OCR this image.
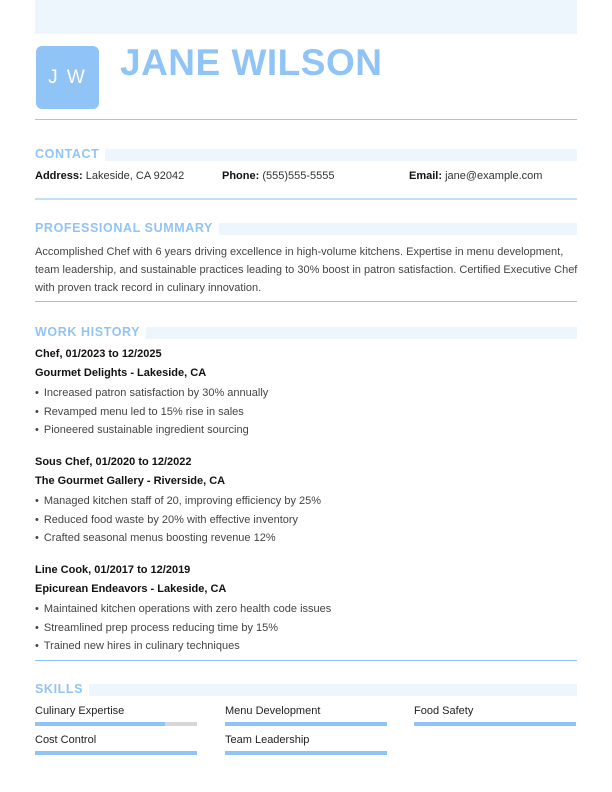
J W JANE WILSON
CONTACT
Address: Lakeside, CA 92042	Phone: (555)555-5555	Email: jane@example.com
PROFESSIONAL SUMMARY
Accomplished Chef with 6 years driving excellence in high-volume kitchens. Expertise in menu development,
team leadership, and sustainable practices leading to 30% boost in patron satisfaction. Certified Executive Chef
with proven track record in culinary innovation.
WORK HISTORY
SKILLS
Chef, 01/2023 to 12/2025
Gourmet Delights - Lakeside, CA
• Increased patron satisfaction by 30% annually
• Revamped menu led to 15% rise in sales
• Pioneered sustainable ingredient sourcing
Sous Chef, 01/2020 to 12/2022
The Gourmet Gallery - Riverside, CA
• Managed kitchen staff of 20, improving efficiency by 25%
• Reduced food waste by 20% with effective inventory
• Crafted seasonal menus boosting revenue 12%
Line Cook, 01/2017 to 12/2019
Epicurean Endeavors - Lakeside, CA
• Maintained kitchen operations with zero health code issues
• Streamlined prep process reducing time by 15%
• Trained new hires in culinary techniques
Culinary Expertise	Menu Development	Food Safety
Cost Control	Team Leadership
